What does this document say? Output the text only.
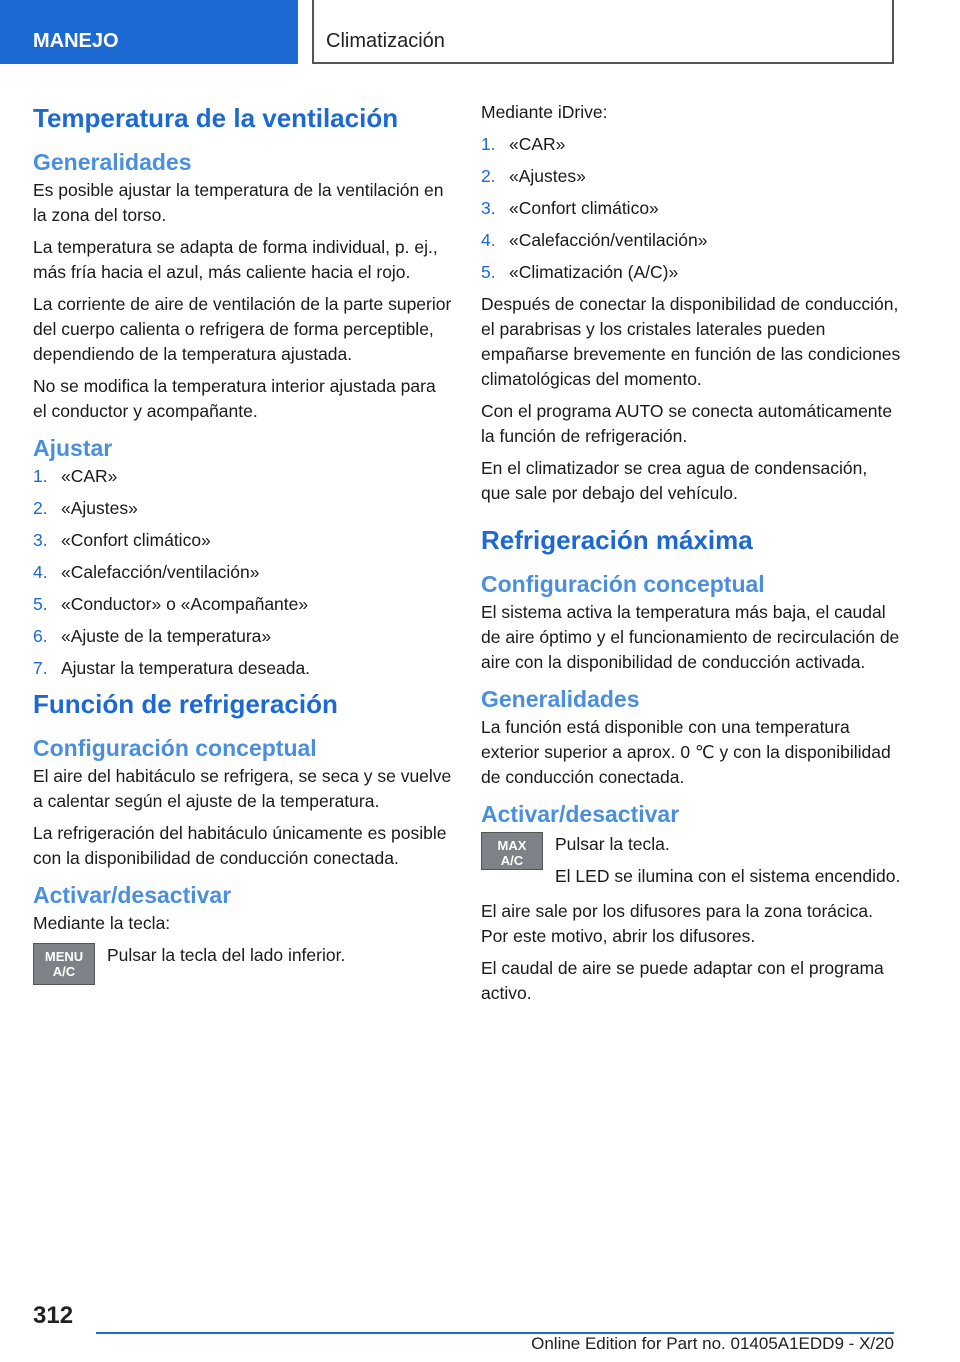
MANEJO	Climatización
Temperatura de la ventilación
Generalidades

Es posible ajustar la temperatura de la ventilación en la zona del torso.

La temperatura se adapta de forma individual, p. ej., más fría hacia el azul, más caliente hacia el rojo.

La corriente de aire de ventilación de la parte superior del cuerpo calienta o refrigera de forma perceptible, dependiendo de la temperatura ajustada.

No se modifica la temperatura interior ajustada para el conductor y acompañante.

Ajustar
1. «CAR»
2. «Ajustes»
3. «Confort climático»
4. «Calefacción/ventilación»
5. «Conductor» o «Acompañante»
6. «Ajuste de la temperatura»
7. Ajustar la temperatura deseada.
Función de refrigeración
Configuración conceptual

El aire del habitáculo se refrigera, se seca y se vuelve a calentar según el ajuste de la temperatura.

La refrigeración del habitáculo únicamente es posible con la disponibilidad de conducción conectada.

Activar/desactivar

Mediante la tecla:

MENU
A/C

Pulsar la tecla del lado inferior.

Mediante iDrive:

1. «CAR»
2. «Ajustes»
3. «Confort climático»
4. «Calefacción/ventilación»
5. «Climatización (A/C)»

Después de conectar la disponibilidad de conducción, el parabrisas y los cristales laterales pueden empañarse brevemente en función de las condiciones climatológicas del momento.

Con el programa AUTO se conecta automáticamente la función de refrigeración.

En el climatizador se crea agua de condensación, que sale por debajo del vehículo.

Refrigeración máxima
Configuración conceptual

El sistema activa la temperatura más baja, el caudal de aire óptimo y el funcionamiento de recirculación de aire con la disponibilidad de conducción activada.

Generalidades

La función está disponible con una temperatura exterior superior a aprox. 0 ℃ y con la disponibilidad de conducción conectada.

Activar/desactivar
MAX
A/C

Pulsar la tecla.

El LED se ilumina con el sistema encendido.

El aire sale por los difusores para la zona torácica. Por este motivo, abrir los difusores.

El caudal de aire se puede adaptar con el programa activo.

312
Online Edition for Part no. 01405A1EDD9 - X/20
